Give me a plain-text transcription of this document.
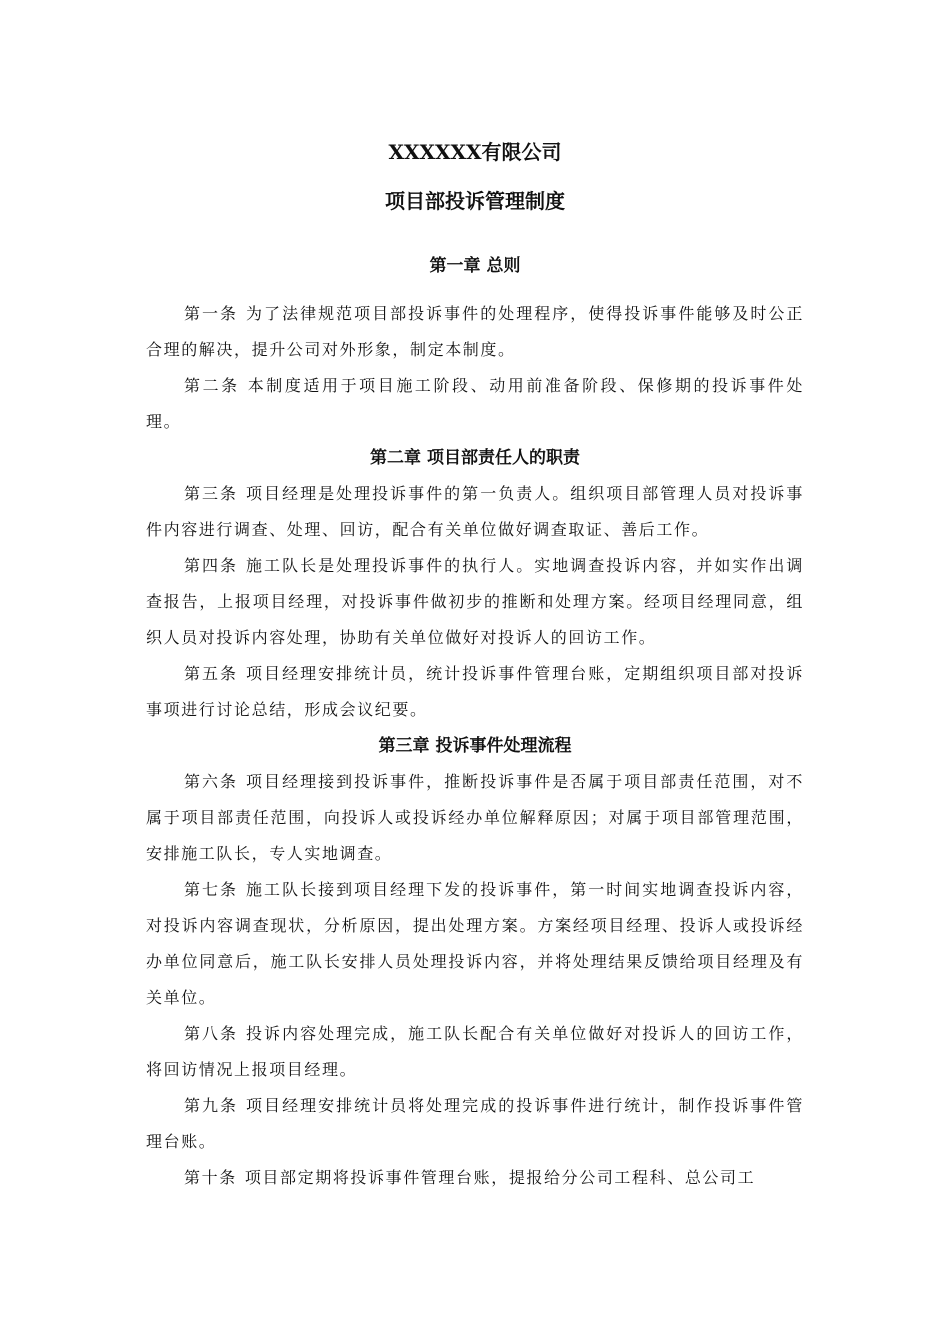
XXXXXX有限公司
项目部投诉管理制度

第一章 总则

第一条 为了法律规范项目部投诉事件的处理程序，使得投诉事件能够及时公正合理的解决，提升公司对外形象，制定本制度。

第二条 本制度适用于项目施工阶段、动用前准备阶段、保修期的投诉事件处理。

第二章 项目部责任人的职责

第三条 项目经理是处理投诉事件的第一负责人。组织项目部管理人员对投诉事件内容进行调查、处理、回访，配合有关单位做好调查取证、善后工作。

第四条 施工队长是处理投诉事件的执行人。实地调查投诉内容，并如实作出调查报告，上报项目经理，对投诉事件做初步的推断和处理方案。经项目经理同意，组织人员对投诉内容处理，协助有关单位做好对投诉人的回访工作。

第五条 项目经理安排统计员，统计投诉事件管理台账，定期组织项目部对投诉事项进行讨论总结，形成会议纪要。

第三章 投诉事件处理流程

第六条 项目经理接到投诉事件，推断投诉事件是否属于项目部责任范围，对不属于项目部责任范围，向投诉人或投诉经办单位解释原因；对属于项目部管理范围，安排施工队长，专人实地调查。

第七条 施工队长接到项目经理下发的投诉事件，第一时间实地调查投诉内容，对投诉内容调查现状，分析原因，提出处理方案。方案经项目经理、投诉人或投诉经办单位同意后，施工队长安排人员处理投诉内容，并将处理结果反馈给项目经理及有关单位。

第八条 投诉内容处理完成，施工队长配合有关单位做好对投诉人的回访工作，将回访情况上报项目经理。

第九条 项目经理安排统计员将处理完成的投诉事件进行统计，制作投诉事件管理台账。

第十条 项目部定期将投诉事件管理台账，提报给分公司工程科、总公司工
